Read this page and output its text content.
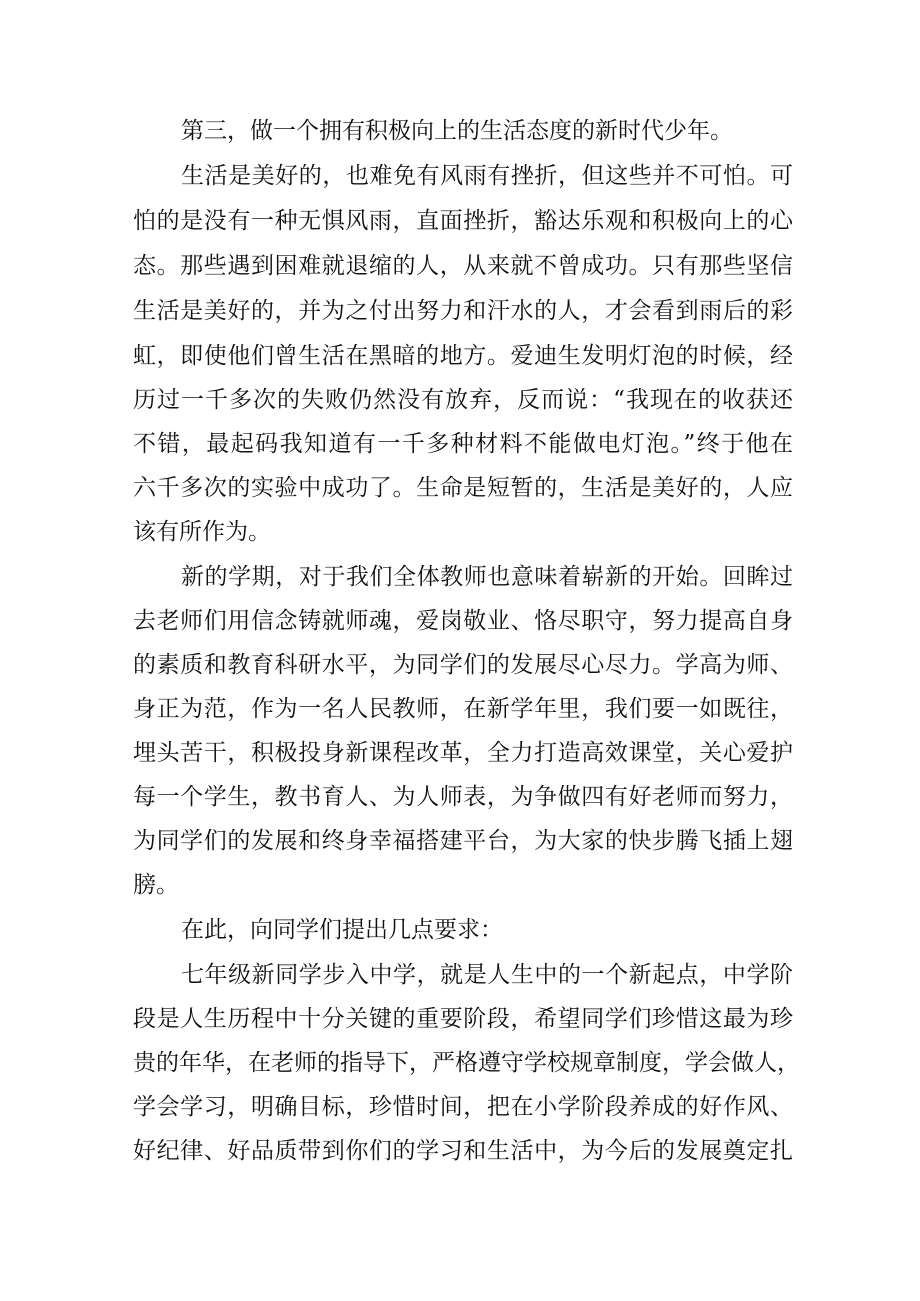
第三，做一个拥有积极向上的生活态度的新时代少年。
生活是美好的，也难免有风雨有挫折，但这些并不可怕。可
怕的是没有一种无惧风雨，直面挫折，豁达乐观和积极向上的心
态。那些遇到困难就退缩的人，从来就不曾成功。只有那些坚信
生活是美好的，并为之付出努力和汗水的人，才会看到雨后的彩
虹，即使他们曾生活在黑暗的地方。爱迪生发明灯泡的时候，经
历过一千多次的失败仍然没有放弃，反而说：“我现在的收获还
不错，最起码我知道有一千多种材料不能做电灯泡。”终于他在
六千多次的实验中成功了。生命是短暂的，生活是美好的，人应
该有所作为。
新的学期，对于我们全体教师也意味着崭新的开始。回眸过
去老师们用信念铸就师魂，爱岗敬业、恪尽职守，努力提高自身
的素质和教育科研水平，为同学们的发展尽心尽力。学高为师、
身正为范，作为一名人民教师，在新学年里，我们要一如既往，
埋头苦干，积极投身新课程改革，全力打造高效课堂，关心爱护
每一个学生，教书育人、为人师表，为争做四有好老师而努力，
为同学们的发展和终身幸福搭建平台，为大家的快步腾飞插上翅
膀。
在此，向同学们提出几点要求：
七年级新同学步入中学，就是人生中的一个新起点，中学阶
段是人生历程中十分关键的重要阶段，希望同学们珍惜这最为珍
贵的年华，在老师的指导下，严格遵守学校规章制度，学会做人，
学会学习，明确目标，珍惜时间，把在小学阶段养成的好作风、
好纪律、好品质带到你们的学习和生活中，为今后的发展奠定扎
